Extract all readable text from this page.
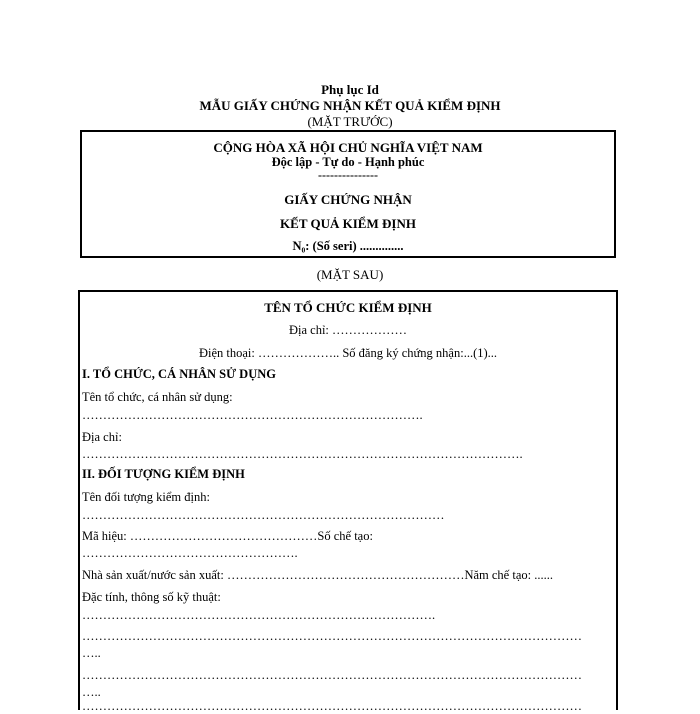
Phụ lục Id
MẪU GIẤY CHỨNG NHẬN KẾT QUẢ KIỂM ĐỊNH
(MẶT TRƯỚC)
CỘNG HÒA XÃ HỘI CHỦ NGHĨA VIỆT NAM
Độc lập - Tự do - Hạnh phúc
---------------
GIẤY CHỨNG NHẬN
KẾT QUẢ KIỂM ĐỊNH
N₀: (Số seri) ..............
(MẶT SAU)
TÊN TỔ CHỨC KIỂM ĐỊNH
Địa chỉ: ………………
Điện thoại: ……………….. Số đăng ký chứng nhận:...(1)...
I. TỔ CHỨC, CÁ NHÂN SỬ DỤNG
Tên tổ chức, cá nhân sử dụng:
……………………………………………………………………….
Địa chỉ:
…………………………………………………………………………………………….
II. ĐỐI TƯỢNG KIỂM ĐỊNH
Tên đối tượng kiểm định:
……………………………………………………………………………
Mã hiệu: ………………………………………Số chế tạo:
…………………………………………….
Nhà sản xuất/nước sản xuất: …………………………………………………Năm chế tạo: ......
Đặc tính, thông số kỹ thuật:
………………………………………………………………………….
…………………………………………………………………………………………………………
…..
…………………………………………………………………………………………………………
…..
…………………………………………………………………………………………………………
